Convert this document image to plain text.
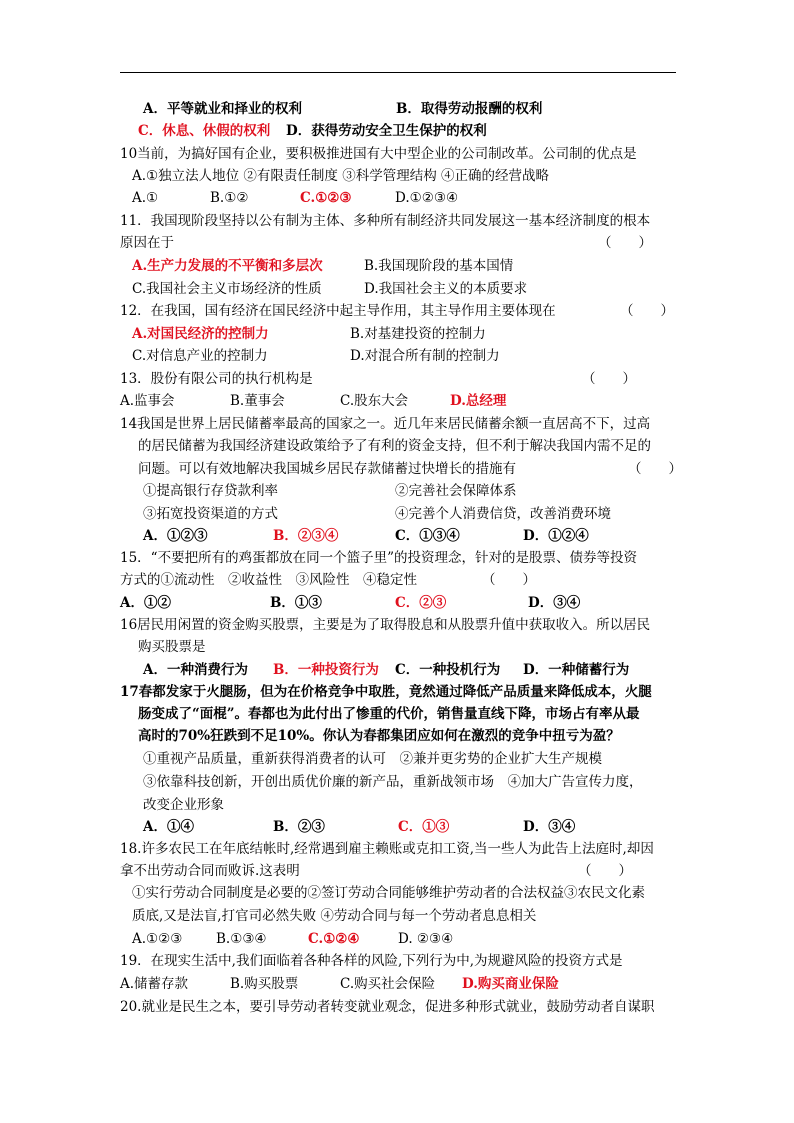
A．平等就业和择业的权利	B．取得劳动报酬的权利
C．休息、休假的权利 D．获得劳动安全卫生保护的权利
10当前，为搞好国有企业，要积极推进国有大中型企业的公司制改革。公司制的优点是
A.①独立法人地位 ②有限责任制度 ③科学管理结构 ④正确的经营战略
A.①	B.①②	C.①②③	D.①②③④
11．我国现阶段坚持以公有制为主体、多种所有制经济共同发展这一基本经济制度的根本
原因在于	（　　）
A.生产力发展的不平衡和多层次	B.我国现阶段的基本国情
C.我国社会主义市场经济的性质	D.我国社会主义的本质要求
12．在我国，国有经济在国民经济中起主导作用，其主导作用主要体现在	（　　）
A.对国民经济的控制力	B.对基建投资的控制力
C.对信息产业的控制力	D.对混合所有制的控制力
13．股份有限公司的执行机构是	（　　）
A.监事会	B.董事会	C.股东大会	D.总经理
14我国是世界上居民储蓄率最高的国家之一。近几年来居民储蓄余额一直居高不下，过高
的居民储蓄为我国经济建设政策给予了有利的资金支持，但不利于解决我国内需不足的
问题。可以有效地解决我国城乡居民存款储蓄过快增长的措施有	（　　）
①提高银行存贷款利率	②完善社会保障体系
③拓宽投资渠道的方式	④完善个人消费信贷，改善消费环境
A．①②③	B．②③④	C．①③④	D．①②④
15．“不要把所有的鸡蛋都放在同一个篮子里”的投资理念，针对的是股票、债券等投资
方式的①流动性　②收益性　③风险性　④稳定性	（　　）
A．①②	B．①③	C．②③	D．③④
16居民用闲置的资金购买股票，主要是为了取得股息和从股票升值中获取收入。所以居民
购买股票是
A．一种消费行为 B．一种投资行为 C．一种投机行为 D．一种储蓄行为
17春都发家于火腿肠，但为在价格竞争中取胜，竟然通过降低产品质量来降低成本，火腿
肠变成了“面棍”。春都也为此付出了惨重的代价，销售量直线下降，市场占有率从最
高时的70%狂跌到不足10%。你认为春都集团应如何在激烈的竞争中扭亏为盈？
①重视产品质量，重新获得消费者的认可　②兼并更劣势的企业扩大生产规模
③依靠科技创新，开创出质优价廉的新产品，重新战领市场　④加大广告宣传力度，
改变企业形象
A．①④	B．②③	C．①③	D．③④
18.许多农民工在年底结帐时,经常遇到雇主赖账或克扣工资,当一些人为此告上法庭时,却因
拿不出劳动合同而败诉.这表明	（　　）
①实行劳动合同制度是必要的②签订劳动合同能够维护劳动者的合法权益③农民文化素
质底,又是法盲,打官司必然失败 ④劳动合同与每一个劳动者息息相关
A.①②③ B.①③④	C.①②④	D. ②③④
19．在现实生活中,我们面临着各种各样的风险,下列行为中,为规避风险的投资方式是
A.储蓄存款	B.购买股票	C.购买社会保险 D.购买商业保险
20.就业是民生之本，要引导劳动者转变就业观念，促进多种形式就业，鼓励劳动者自谋职
